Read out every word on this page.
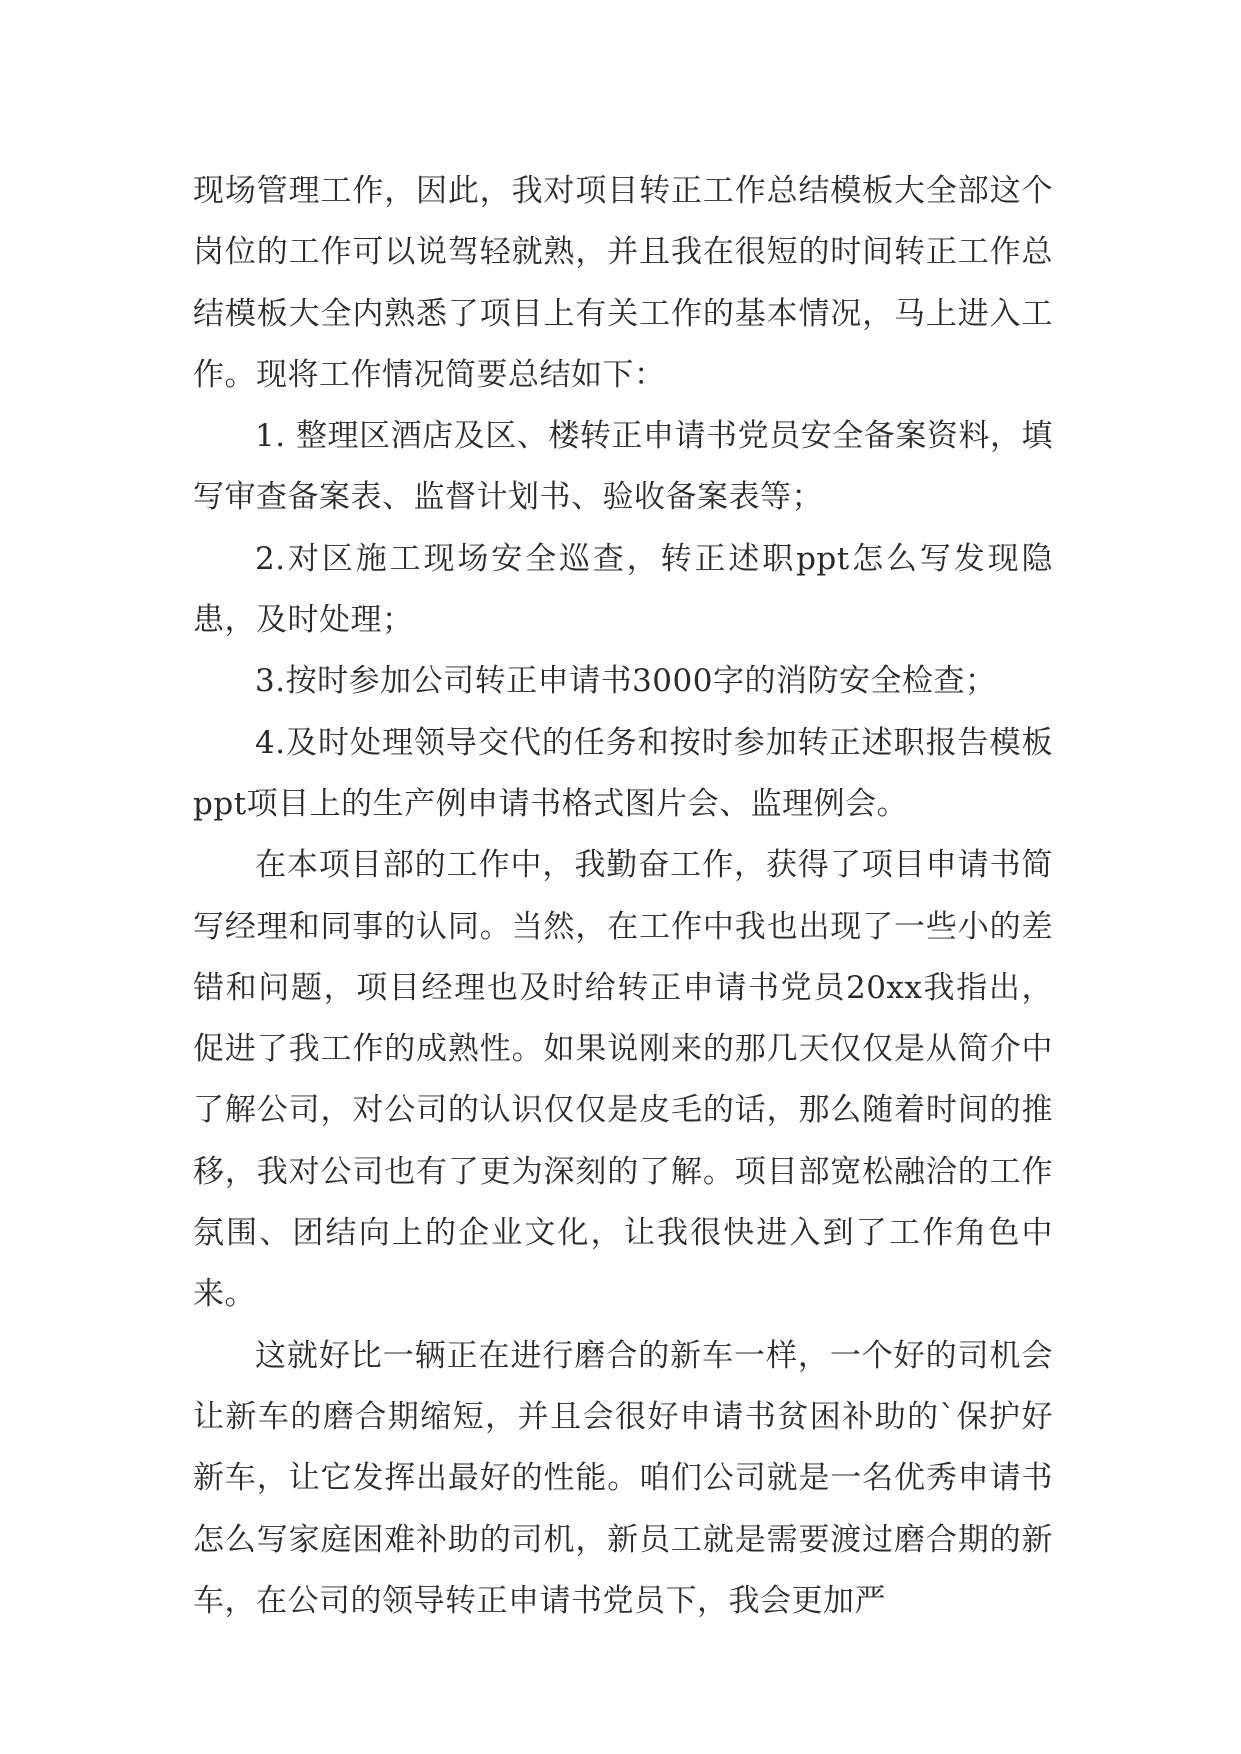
现场管理工作，因此，我对项目转正工作总结模板大全部这个岗位的工作可以说驾轻就熟，并且我在很短的时间转正工作总结模板大全内熟悉了项目上有关工作的基本情况，马上进入工作。现将工作情况简要总结如下：

1. 整理区酒店及区、楼转正申请书党员安全备案资料，填写审查备案表、监督计划书、验收备案表等；

2.对区施工现场安全巡查，转正述职ppt怎么写发现隐患，及时处理；

3.按时参加公司转正申请书3000字的消防安全检查；

4.及时处理领导交代的任务和按时参加转正述职报告模板ppt项目上的生产例申请书格式图片会、监理例会。

在本项目部的工作中，我勤奋工作，获得了项目申请书简写经理和同事的认同。当然，在工作中我也出现了一些小的差错和问题，项目经理也及时给转正申请书党员20xx我指出，促进了我工作的成熟性。如果说刚来的那几天仅仅是从简介中了解公司，对公司的认识仅仅是皮毛的话，那么随着时间的推移，我对公司也有了更为深刻的了解。项目部宽松融洽的工作氛围、团结向上的企业文化，让我很快进入到了工作角色中来。

这就好比一辆正在进行磨合的新车一样，一个好的司机会让新车的磨合期缩短，并且会很好申请书贫困补助的`保护好新车，让它发挥出最好的性能。咱们公司就是一名优秀申请书怎么写家庭困难补助的司机，新员工就是需要渡过磨合期的新车，在公司的领导转正申请书党员下，我会更加严
